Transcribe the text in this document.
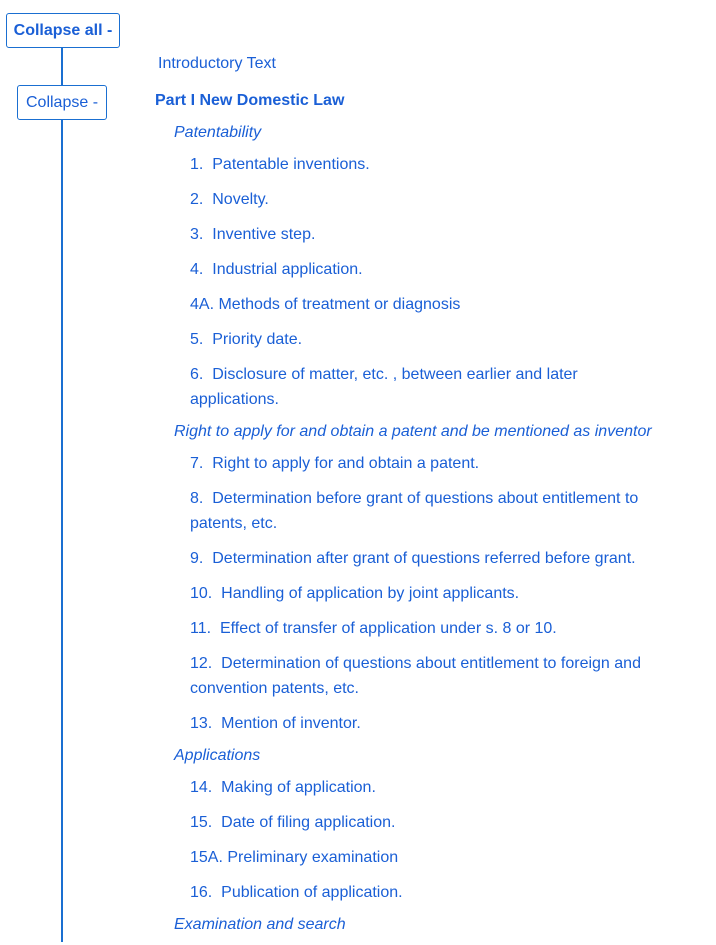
Collapse all -
Collapse -
Introductory Text
Part I New Domestic Law
Patentability
1.  Patentable inventions.
2.  Novelty.
3.  Inventive step.
4.  Industrial application.
4A. Methods of treatment or diagnosis
5.  Priority date.
6.  Disclosure of matter, etc. , between earlier and later applications.
Right to apply for and obtain a patent and be mentioned as inventor
7.  Right to apply for and obtain a patent.
8.  Determination before grant of questions about entitlement to patents, etc.
9.  Determination after grant of questions referred before grant.
10.  Handling of application by joint applicants.
11.  Effect of transfer of application under s. 8 or 10.
12.  Determination of questions about entitlement to foreign and convention patents, etc.
13.  Mention of inventor.
Applications
14.  Making of application.
15.  Date of filing application.
15A. Preliminary examination
16.  Publication of application.
Examination and search
